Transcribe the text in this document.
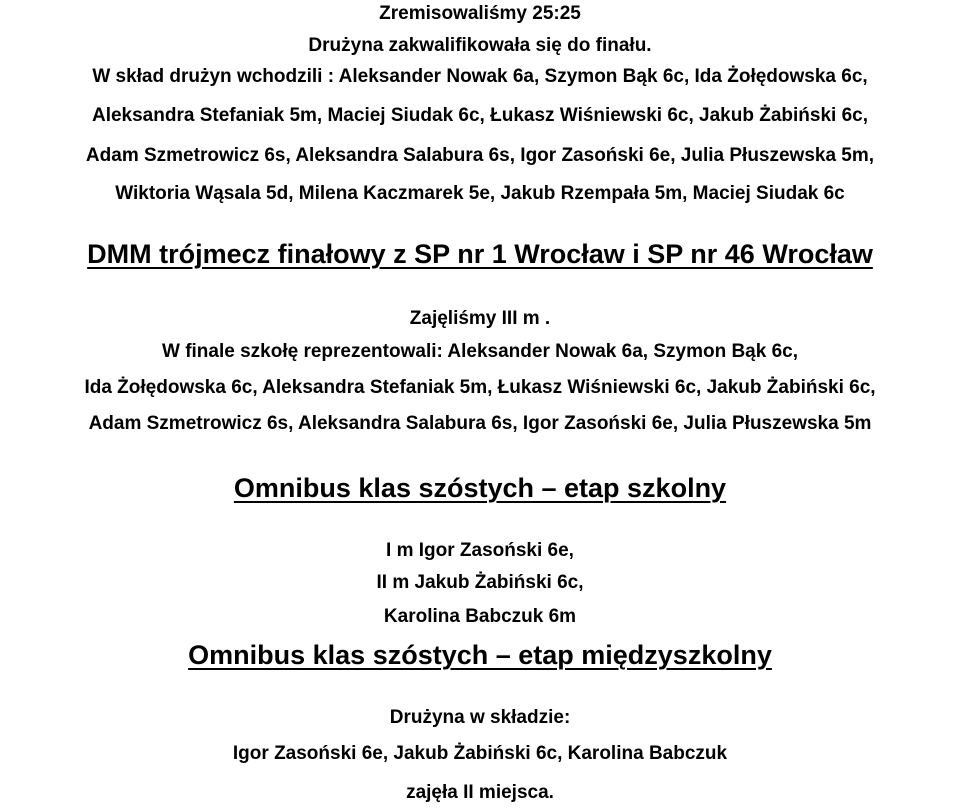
Zremisowaliśmy 25:25
Drużyna zakwalifikowała się do finału.
W skład drużyn wchodzili : Aleksander Nowak 6a, Szymon Bąk 6c, Ida Żołędowska 6c,
Aleksandra Stefaniak 5m, Maciej Siudak 6c, Łukasz Wiśniewski 6c, Jakub Żabiński 6c,
Adam Szmetrowicz 6s, Aleksandra Salabura 6s, Igor Zasoński 6e, Julia Płuszewska 5m,
Wiktoria Wąsala 5d, Milena Kaczmarek 5e, Jakub Rzempała 5m, Maciej Siudak 6c
DMM trójmecz finałowy z SP nr 1 Wrocław i SP nr 46 Wrocław
Zajęliśmy III m .
W finale szkołę reprezentowali: Aleksander Nowak 6a, Szymon Bąk 6c,
Ida Żołędowska 6c, Aleksandra Stefaniak 5m, Łukasz Wiśniewski 6c, Jakub Żabiński 6c,
Adam Szmetrowicz 6s, Aleksandra Salabura 6s, Igor Zasoński 6e, Julia Płuszewska 5m
Omnibus klas szóstych – etap szkolny
I m Igor Zasoński 6e,
II m Jakub Żabiński 6c,
Karolina Babczuk 6m
Omnibus klas szóstych – etap międzyszkolny
Drużyna w składzie:
Igor Zasoński 6e, Jakub Żabiński 6c, Karolina Babczuk
zajęła II miejsca.
